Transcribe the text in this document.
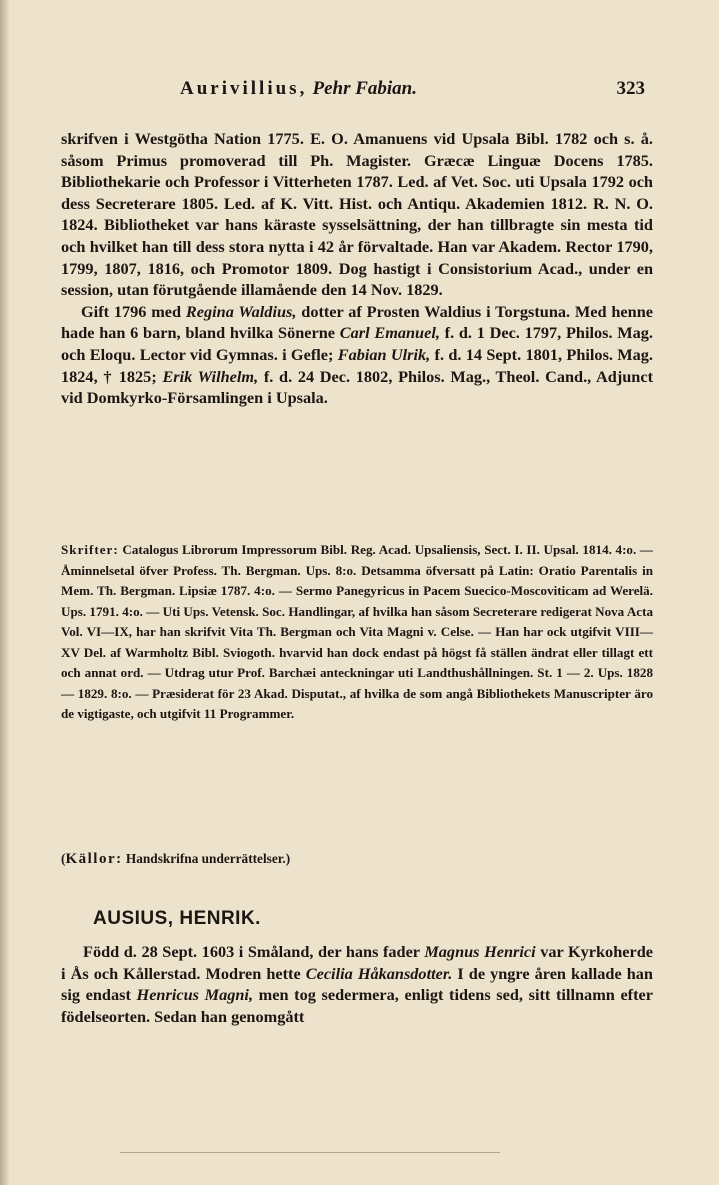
Aurivillius, Pehr Fabian.	323

skrifven i Westgötha Nation 1775. E. O. Amanuens vid Upsala Bibl. 1782 och s. å. såsom Primus promoverad till Ph. Magister. Græcæ Linguæ Docens 1785. Bibliothekarie och Professor i Vitterheten 1787. Led. af Vet. Soc. uti Upsala 1792 och dess Secreterare 1805. Led. af K. Vitt. Hist. och Antiqu. Akademien 1812. R. N. O. 1824. Bibliotheket var hans käraste sysselsättning, der han tillbragte sin mesta tid och hvilket han till dess stora nytta i 42 år förvaltade. Han var Akadem. Rector 1790, 1799, 1807, 1816, och Promotor 1809. Dog hastigt i Consistorium Acad., under en session, utan förutgående illamående den 14 Nov. 1829.

Gift 1796 med Regina Waldius, dotter af Prosten Waldius i Torgstuna. Med henne hade han 6 barn, bland hvilka Sönerne Carl Emanuel, f. d. 1 Dec. 1797, Philos. Mag. och Eloqu. Lector vid Gymnas. i Gefle; Fabian Ulrik, f. d. 14 Sept. 1801, Philos. Mag. 1824, † 1825; Erik Wilhelm, f. d. 24 Dec. 1802, Philos. Mag., Theol. Cand., Adjunct vid Domkyrko-Församlingen i Upsala.

Skrifter: Catalogus Librorum Impressorum Bibl. Reg. Acad. Upsaliensis, Sect. I. II. Upsal. 1814. 4:o. — Åminnelsetal öfver Profess. Th. Bergman. Ups. 8:o. Detsamma öfversatt på Latin: Oratio Parentalis in Mem. Th. Bergman. Lipsiæ 1787. 4:o. — Sermo Panegyricus in Pacem Suecico-Moscoviticam ad Werelä. Ups. 1791. 4:o. — Uti Ups. Vetensk. Soc. Handlingar, af hvilka han såsom Secreterare redigerat Nova Acta Vol. VI—IX, har han skrifvit Vita Th. Bergman och Vita Magni v. Celse. — Han har ock utgifvit VIII—XV Del. af Warmholtz Bibl. Sviogoth. hvarvid han dock endast på högst få ställen ändrat eller tillagt ett och annat ord. — Utdrag utur Prof. Barchæi anteckningar uti Landthushållningen. St. 1 — 2. Ups. 1828 — 1829. 8:o. — Præsiderat för 23 Akad. Disputat., af hvilka de som angå Bibliothekets Manuscripter äro de vigtigaste, och utgifvit 11 Programmer.

(Källor: Handskrifna underrättelser.)
AUSIUS, HENRIK.

Född d. 28 Sept. 1603 i Småland, der hans fader Magnus Henrici var Kyrkoherde i Ås och Kållerstad. Modren hette Cecilia Håkansdotter. I de yngre åren kallade han sig endast Henricus Magni, men tog sedermera, enligt tidens sed, sitt tillnamn efter födelseorten. Sedan han genomgått
